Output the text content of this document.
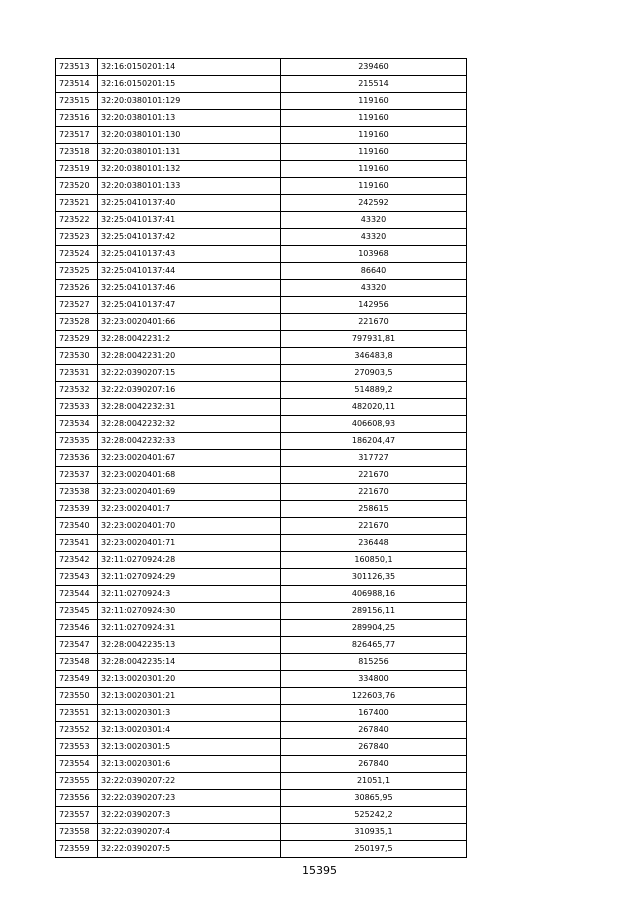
723513	32:16:0150201:14	239460
723514	32:16:0150201:15	215514
723515	32:20:0380101:129	119160
723516	32:20:0380101:13	119160
723517	32:20:0380101:130	119160
723518	32:20:0380101:131	119160
723519	32:20:0380101:132	119160
723520	32:20:0380101:133	119160
723521	32:25:0410137:40	242592
723522	32:25:0410137:41	43320
723523	32:25:0410137:42	43320
723524	32:25:0410137:43	103968
723525	32:25:0410137:44	86640
723526	32:25:0410137:46	43320
723527	32:25:0410137:47	142956
723528	32:23:0020401:66	221670
723529	32:28:0042231:2	797931,81
723530	32:28:0042231:20	346483,8
723531	32:22:0390207:15	270903,5
723532	32:22:0390207:16	514889,2
723533	32:28:0042232:31	482020,11
723534	32:28:0042232:32	406608,93
723535	32:28:0042232:33	186204,47
723536	32:23:0020401:67	317727
723537	32:23:0020401:68	221670
723538	32:23:0020401:69	221670
723539	32:23:0020401:7	258615
723540	32:23:0020401:70	221670
723541	32:23:0020401:71	236448
723542	32:11:0270924:28	160850,1
723543	32:11:0270924:29	301126,35
723544	32:11:0270924:3	406988,16
723545	32:11:0270924:30	289156,11
723546	32:11:0270924:31	289904,25
723547	32:28:0042235:13	826465,77
723548	32:28:0042235:14	815256
723549	32:13:0020301:20	334800
723550	32:13:0020301:21	122603,76
723551	32:13:0020301:3	167400
723552	32:13:0020301:4	267840
723553	32:13:0020301:5	267840
723554	32:13:0020301:6	267840
723555	32:22:0390207:22	21051,1
723556	32:22:0390207:23	30865,95
723557	32:22:0390207:3	525242,2
723558	32:22:0390207:4	310935,1
723559	32:22:0390207:5	250197,5
15395
